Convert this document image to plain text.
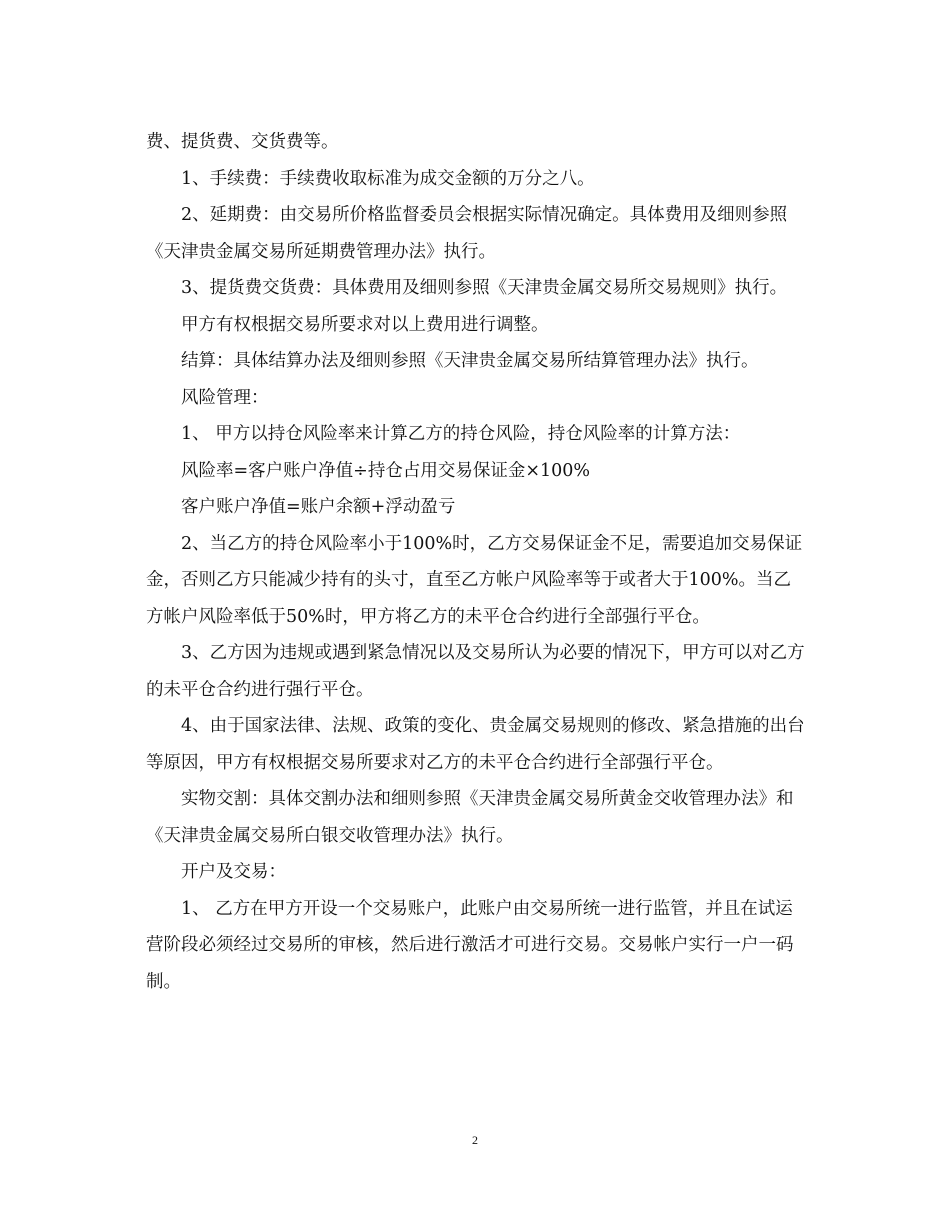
费、提货费、交货费等。

1、手续费：手续费收取标准为成交金额的万分之八。

2、延期费：由交易所价格监督委员会根据实际情况确定。具体费用及细则参照《天津贵金属交易所延期费管理办法》执行。

3、提货费交货费：具体费用及细则参照《天津贵金属交易所交易规则》执行。

甲方有权根据交易所要求对以上费用进行调整。

结算：具体结算办法及细则参照《天津贵金属交易所结算管理办法》执行。

风险管理：

1、 甲方以持仓风险率来计算乙方的持仓风险，持仓风险率的计算方法：

风险率=客户账户净值÷持仓占用交易保证金×100%

客户账户净值=账户余额+浮动盈亏

2、当乙方的持仓风险率小于100%时，乙方交易保证金不足，需要追加交易保证金，否则乙方只能减少持有的头寸，直至乙方帐户风险率等于或者大于100%。当乙方帐户风险率低于50%时，甲方将乙方的未平仓合约进行全部强行平仓。

3、乙方因为违规或遇到紧急情况以及交易所认为必要的情况下，甲方可以对乙方的未平仓合约进行强行平仓。

4、由于国家法律、法规、政策的变化、贵金属交易规则的修改、紧急措施的出台等原因，甲方有权根据交易所要求对乙方的未平仓合约进行全部强行平仓。

实物交割：具体交割办法和细则参照《天津贵金属交易所黄金交收管理办法》和《天津贵金属交易所白银交收管理办法》执行。

开户及交易：

1、 乙方在甲方开设一个交易账户，此账户由交易所统一进行监管，并且在试运营阶段必须经过交易所的审核，然后进行激活才可进行交易。交易帐户实行一户一码制。

2
